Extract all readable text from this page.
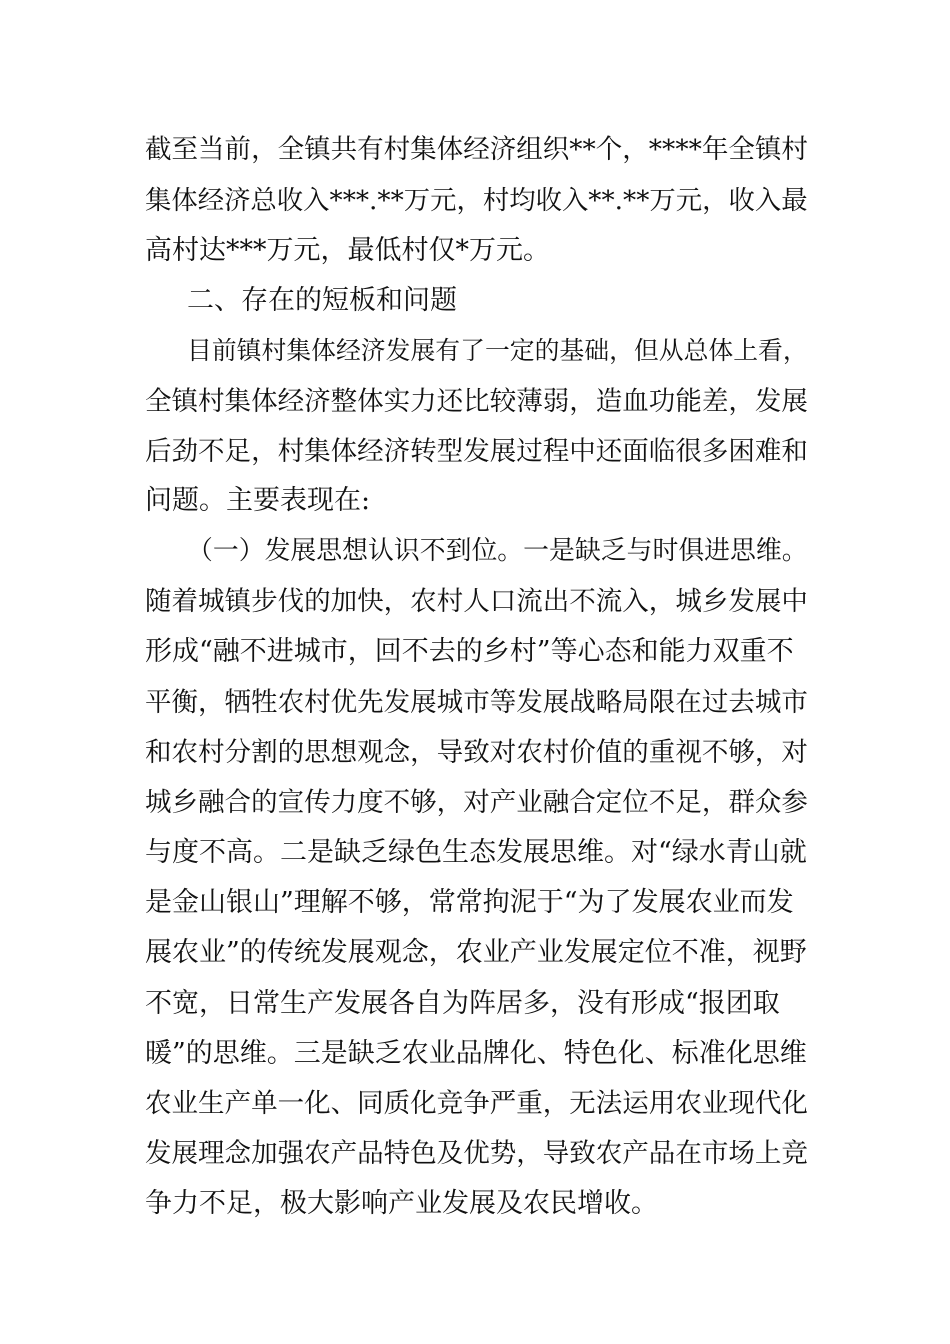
截至当前，全镇共有村集体经济组织**个，****年全镇村

集体经济总收入***.**万元，村均收入**.**万元，收入最

高村达***万元，最低村仅*万元。

二、存在的短板和问题

目前镇村集体经济发展有了一定的基础，但从总体上看，

全镇村集体经济整体实力还比较薄弱，造血功能差，发展

后劲不足，村集体经济转型发展过程中还面临很多困难和

问题。主要表现在:

（一）发展思想认识不到位。一是缺乏与时俱进思维。

随着城镇步伐的加快，农村人口流出不流入，城乡发展中

形成“融不进城市，回不去的乡村”等心态和能力双重不

平衡，牺牲农村优先发展城市等发展战略局限在过去城市

和农村分割的思想观念，导致对农村价值的重视不够，对

城乡融合的宣传力度不够，对产业融合定位不足，群众参

与度不高。二是缺乏绿色生态发展思维。对“绿水青山就

是金山银山”理解不够，常常拘泥于“为了发展农业而发

展农业”的传统发展观念，农业产业发展定位不准，视野

不宽，日常生产发展各自为阵居多，没有形成“报团取

暖”的思维。三是缺乏农业品牌化、特色化、标准化思维

农业生产单一化、同质化竞争严重，无法运用农业现代化

发展理念加强农产品特色及优势，导致农产品在市场上竞

争力不足，极大影响产业发展及农民增收。
